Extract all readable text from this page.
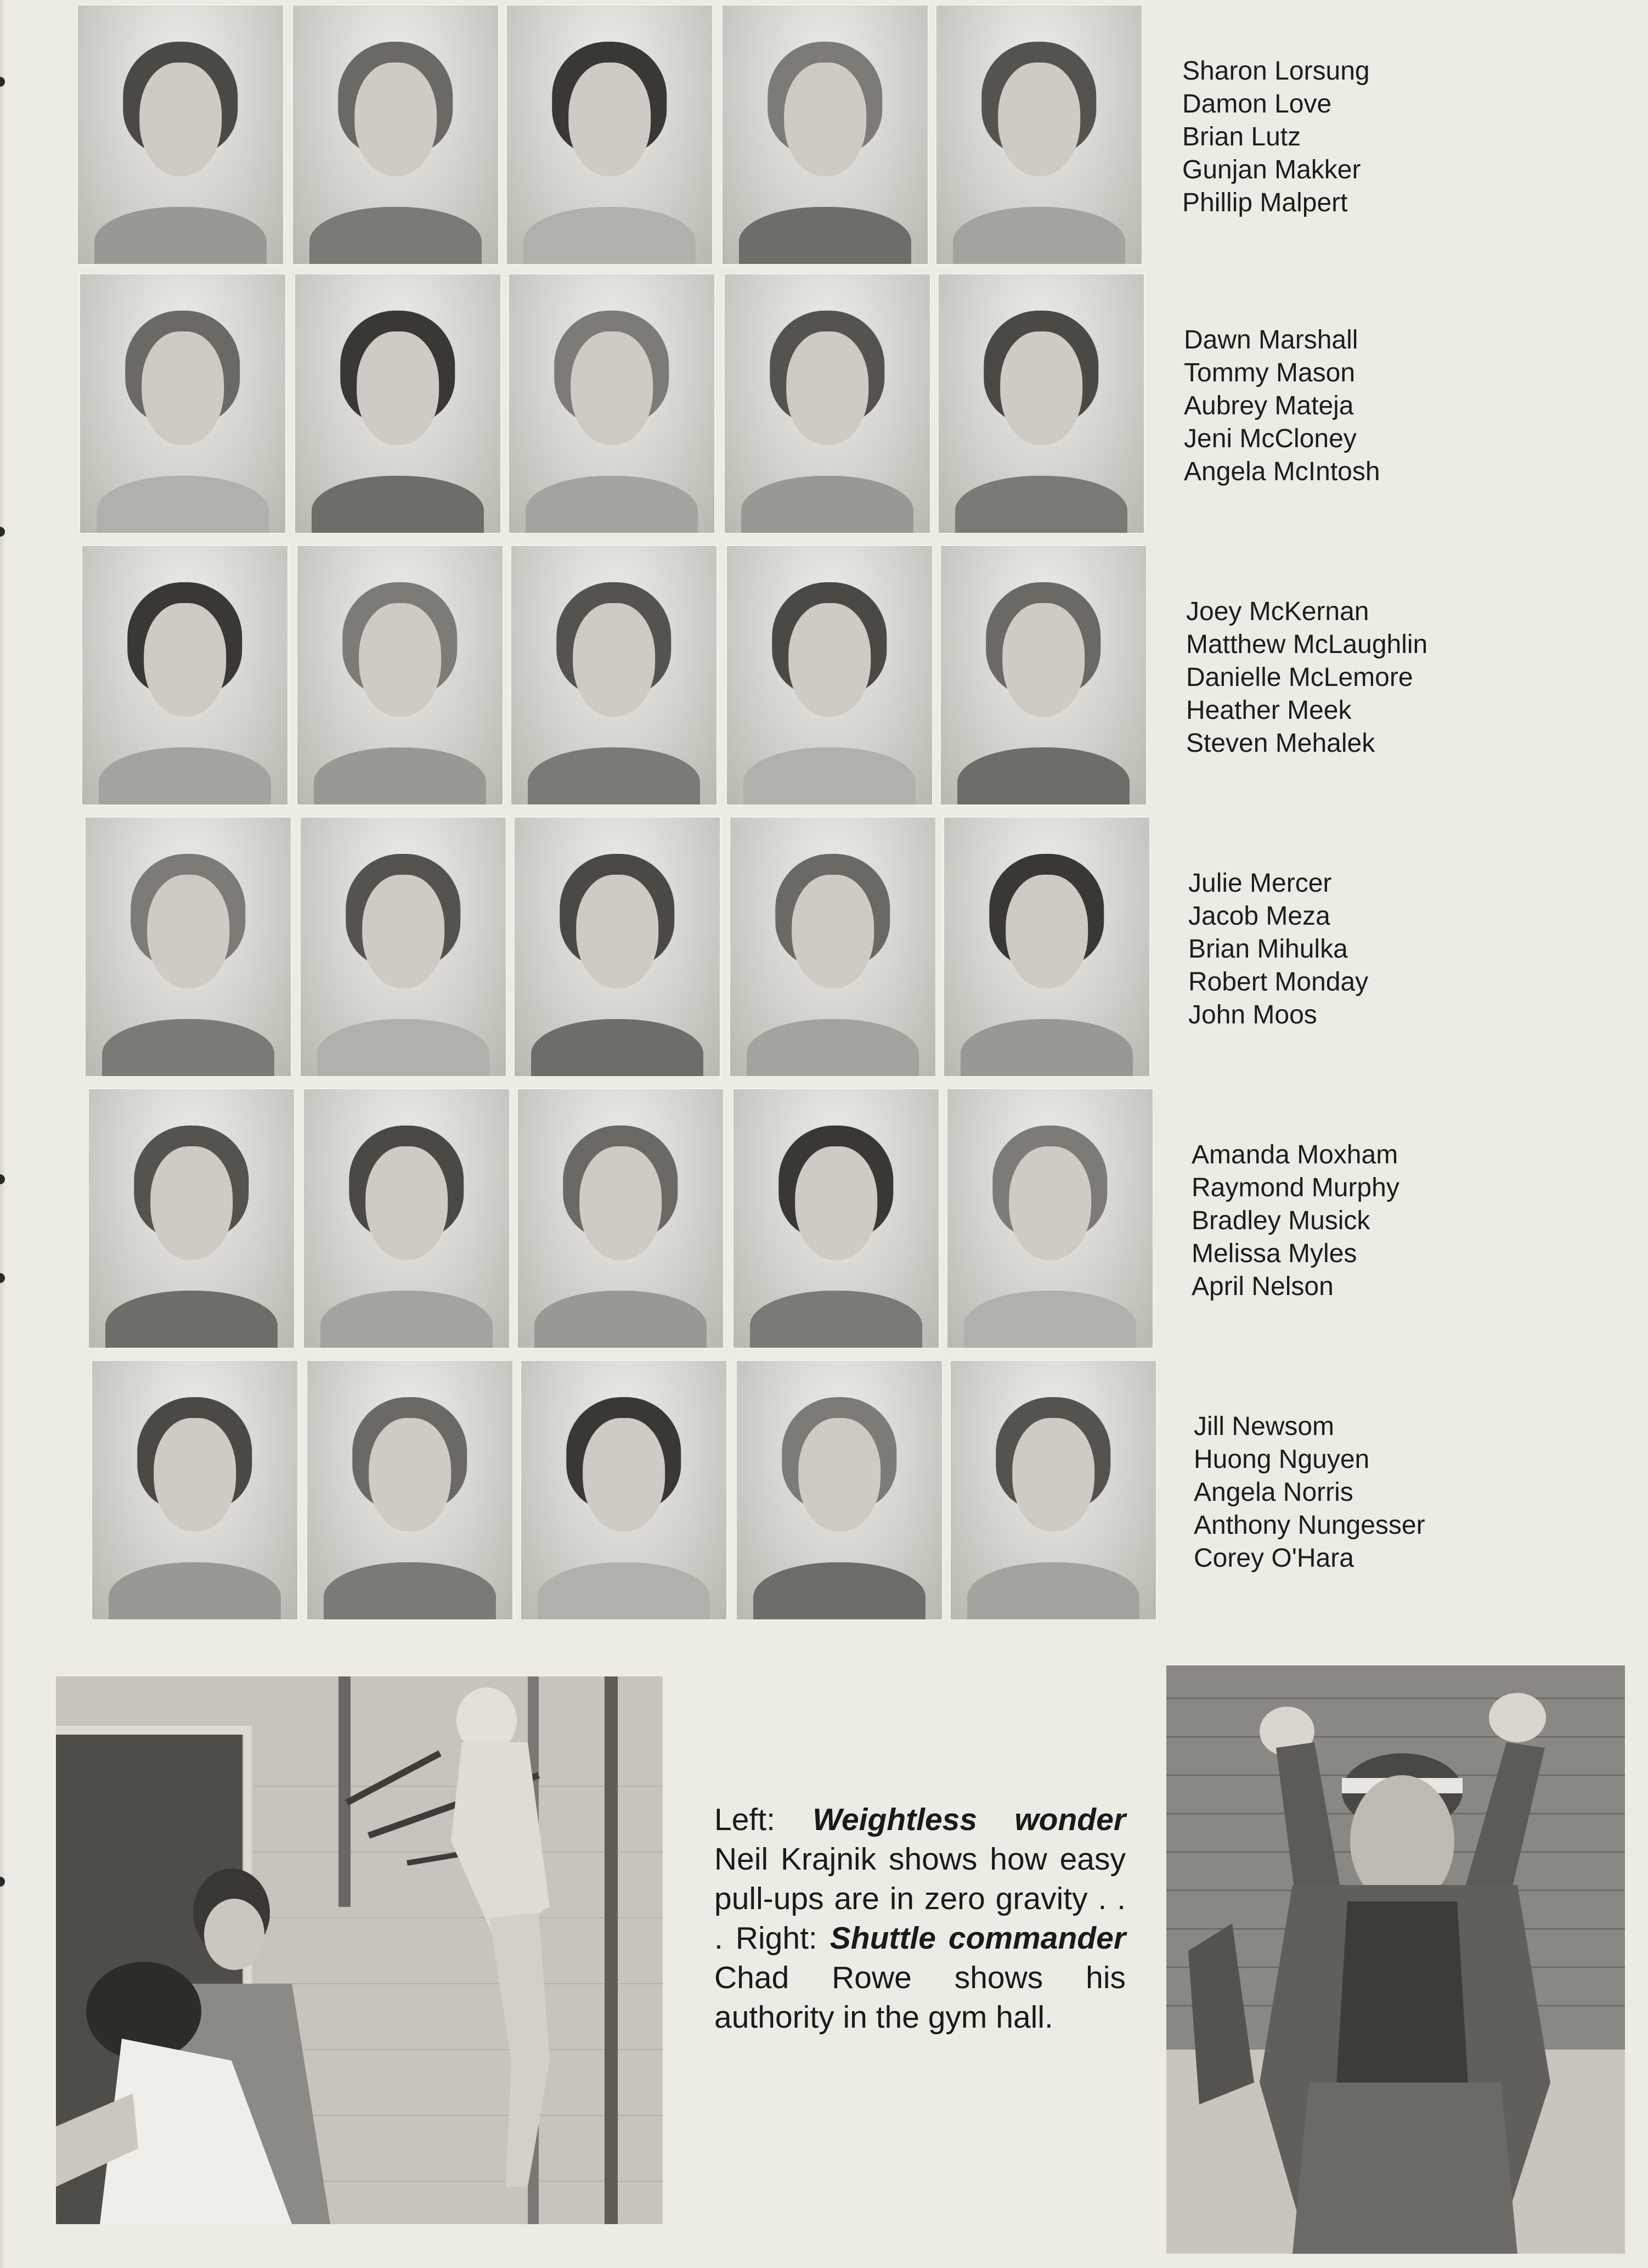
Sharon Lorsung
Damon Love
Brian Lutz
Gunjan Makker
Phillip Malpert
Dawn Marshall
Tommy Mason
Aubrey Mateja
Jeni McCloney
Angela McIntosh
Joey McKernan
Matthew McLaughlin
Danielle McLemore
Heather Meek
Steven Mehalek
Julie Mercer
Jacob Meza
Brian Mihulka
Robert Monday
John Moos
Amanda Moxham
Raymond Murphy
Bradley Musick
Melissa Myles
April Nelson
Jill Newsom
Huong Nguyen
Angela Norris
Anthony Nungesser
Corey O'Hara
Left: Weightless wonder Neil Krajnik shows how easy pull-ups are in zero gravity . . . Right: Shuttle commander Chad Rowe shows his authority in the gym hall.
